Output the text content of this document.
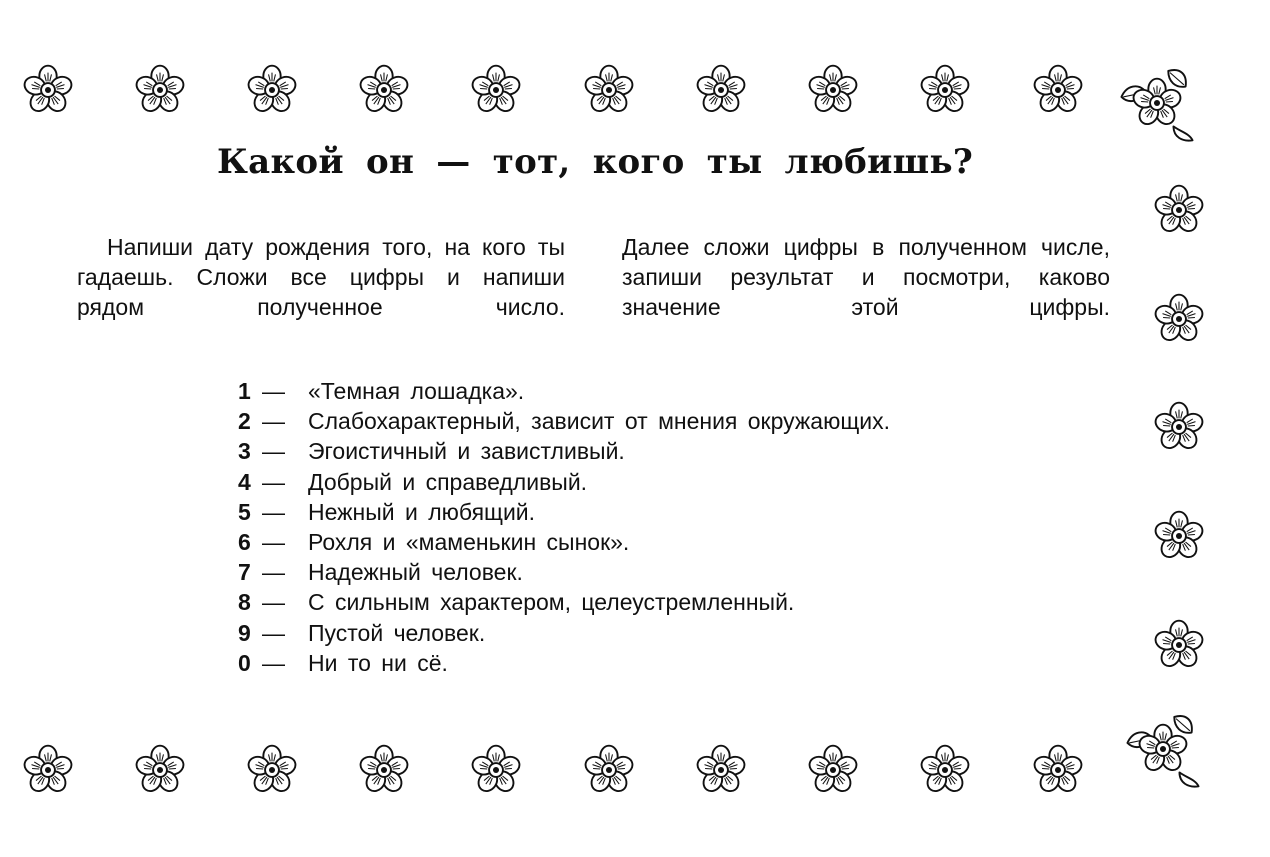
Какой он — тот, кого ты любишь?

Напиши дату рождения того, на кого ты гадаешь. Сложи все цифры и напиши рядом полученное число.

Далее сложи цифры в полученном числе, запиши результат и посмотри, каково значение этой цифры.

1 — «Темная лошадка».
2 — Слабохарактерный, зависит от мнения окружающих.
3 — Эгоистичный и завистливый.
4 — Добрый и справедливый.
5 — Нежный и любящий.
6 — Рохля и «маменькин сынок».
7 — Надежный человек.
8 — С сильным характером, целеустремленный.
9 — Пустой человек.
0 — Ни то ни сё.
